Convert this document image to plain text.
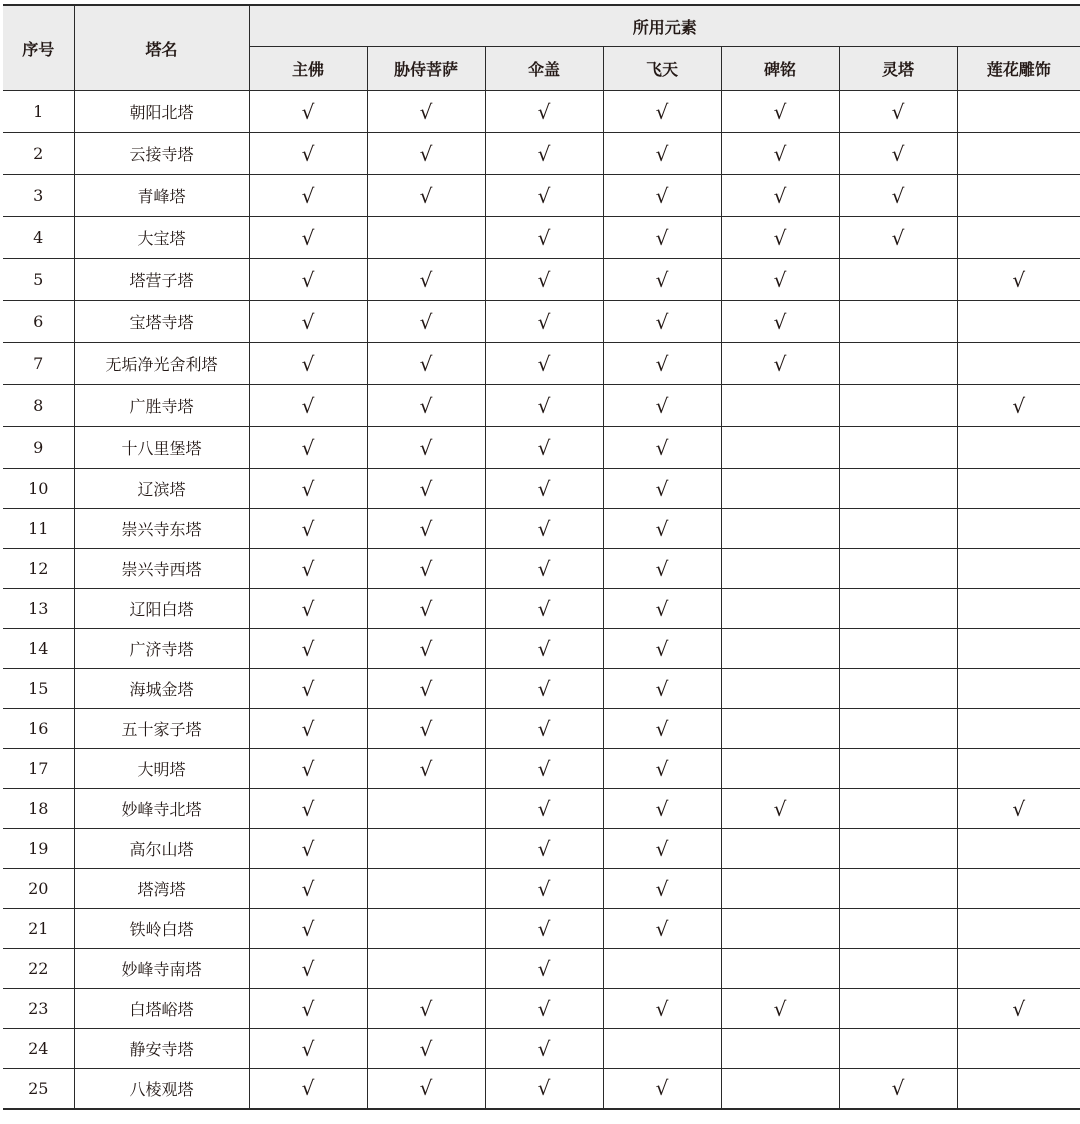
序号	塔名	所用元素						
		主佛	胁侍菩萨	伞盖	飞天	碑铭	灵塔	莲花雕饰
1	朝阳北塔	√	√	√	√	√	√	
2	云接寺塔	√	√	√	√	√	√	
3	青峰塔	√	√	√	√	√	√	
4	大宝塔	√		√	√	√	√	
5	塔营子塔	√	√	√	√	√		√
6	宝塔寺塔	√	√	√	√	√		
7	无垢净光舍利塔	√	√	√	√	√		
8	广胜寺塔	√	√	√	√			√
9	十八里堡塔	√	√	√	√			
10	辽滨塔	√	√	√	√			
11	崇兴寺东塔	√	√	√	√			
12	崇兴寺西塔	√	√	√	√			
13	辽阳白塔	√	√	√	√			
14	广济寺塔	√	√	√	√			
15	海城金塔	√	√	√	√			
16	五十家子塔	√	√	√	√			
17	大明塔	√	√	√	√			
18	妙峰寺北塔	√		√	√	√		√
19	高尔山塔	√		√	√			
20	塔湾塔	√		√	√			
21	铁岭白塔	√		√	√			
22	妙峰寺南塔	√		√				
23	白塔峪塔	√	√	√	√	√		√
24	静安寺塔	√	√	√				
25	八棱观塔	√	√	√	√		√	
